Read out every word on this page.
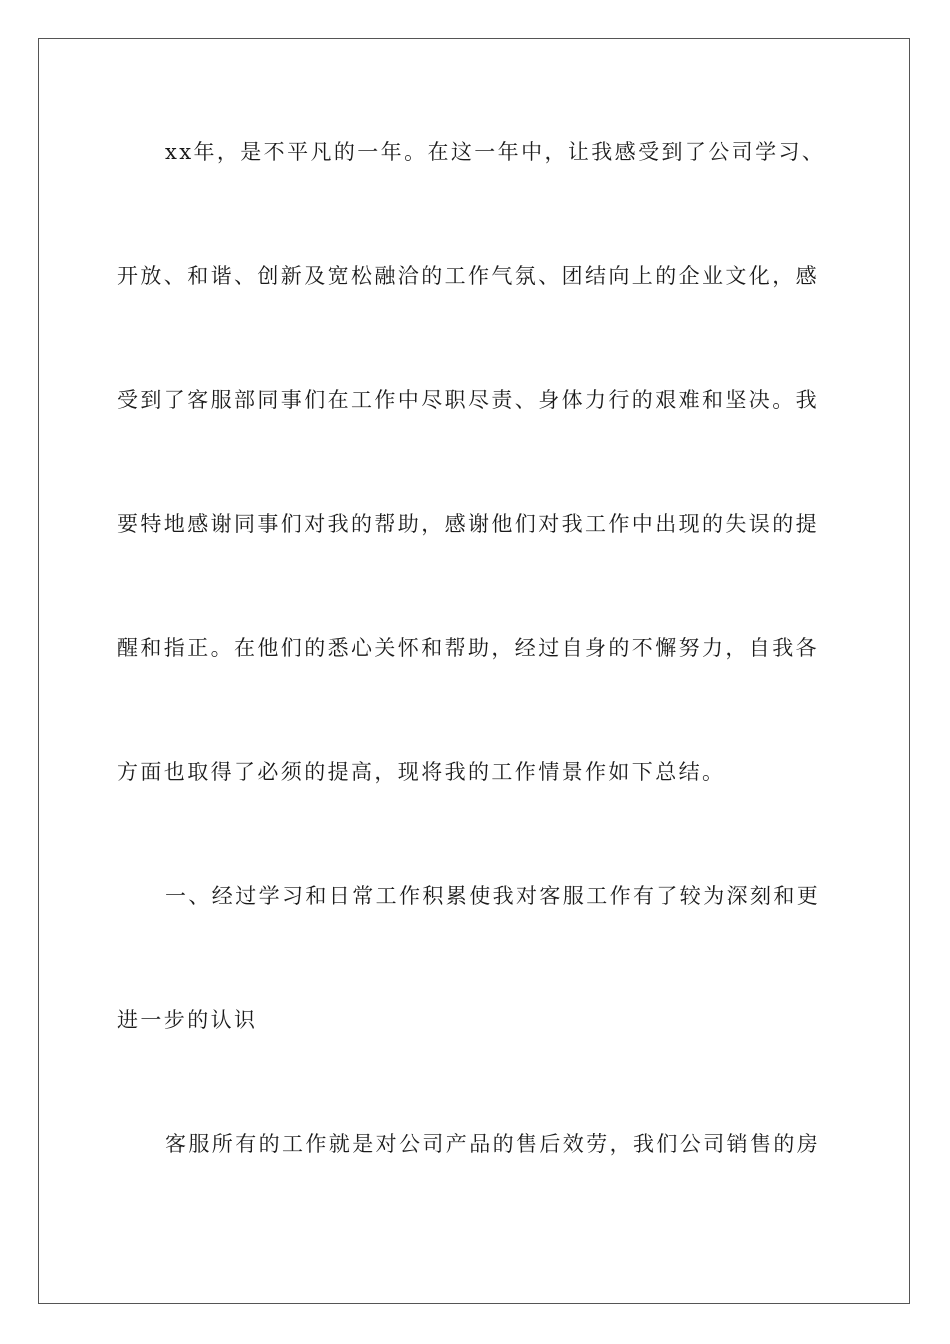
xx年，是不平凡的一年。在这一年中，让我感受到了公司学习、
开放、和谐、创新及宽松融洽的工作气氛、团结向上的企业文化，感
受到了客服部同事们在工作中尽职尽责、身体力行的艰难和坚决。我
要特地感谢同事们对我的帮助，感谢他们对我工作中出现的失误的提
醒和指正。在他们的悉心关怀和帮助，经过自身的不懈努力，自我各
方面也取得了必须的提高，现将我的工作情景作如下总结。
一、经过学习和日常工作积累使我对客服工作有了较为深刻和更
进一步的认识
客服所有的工作就是对公司产品的售后效劳，我们公司销售的房
